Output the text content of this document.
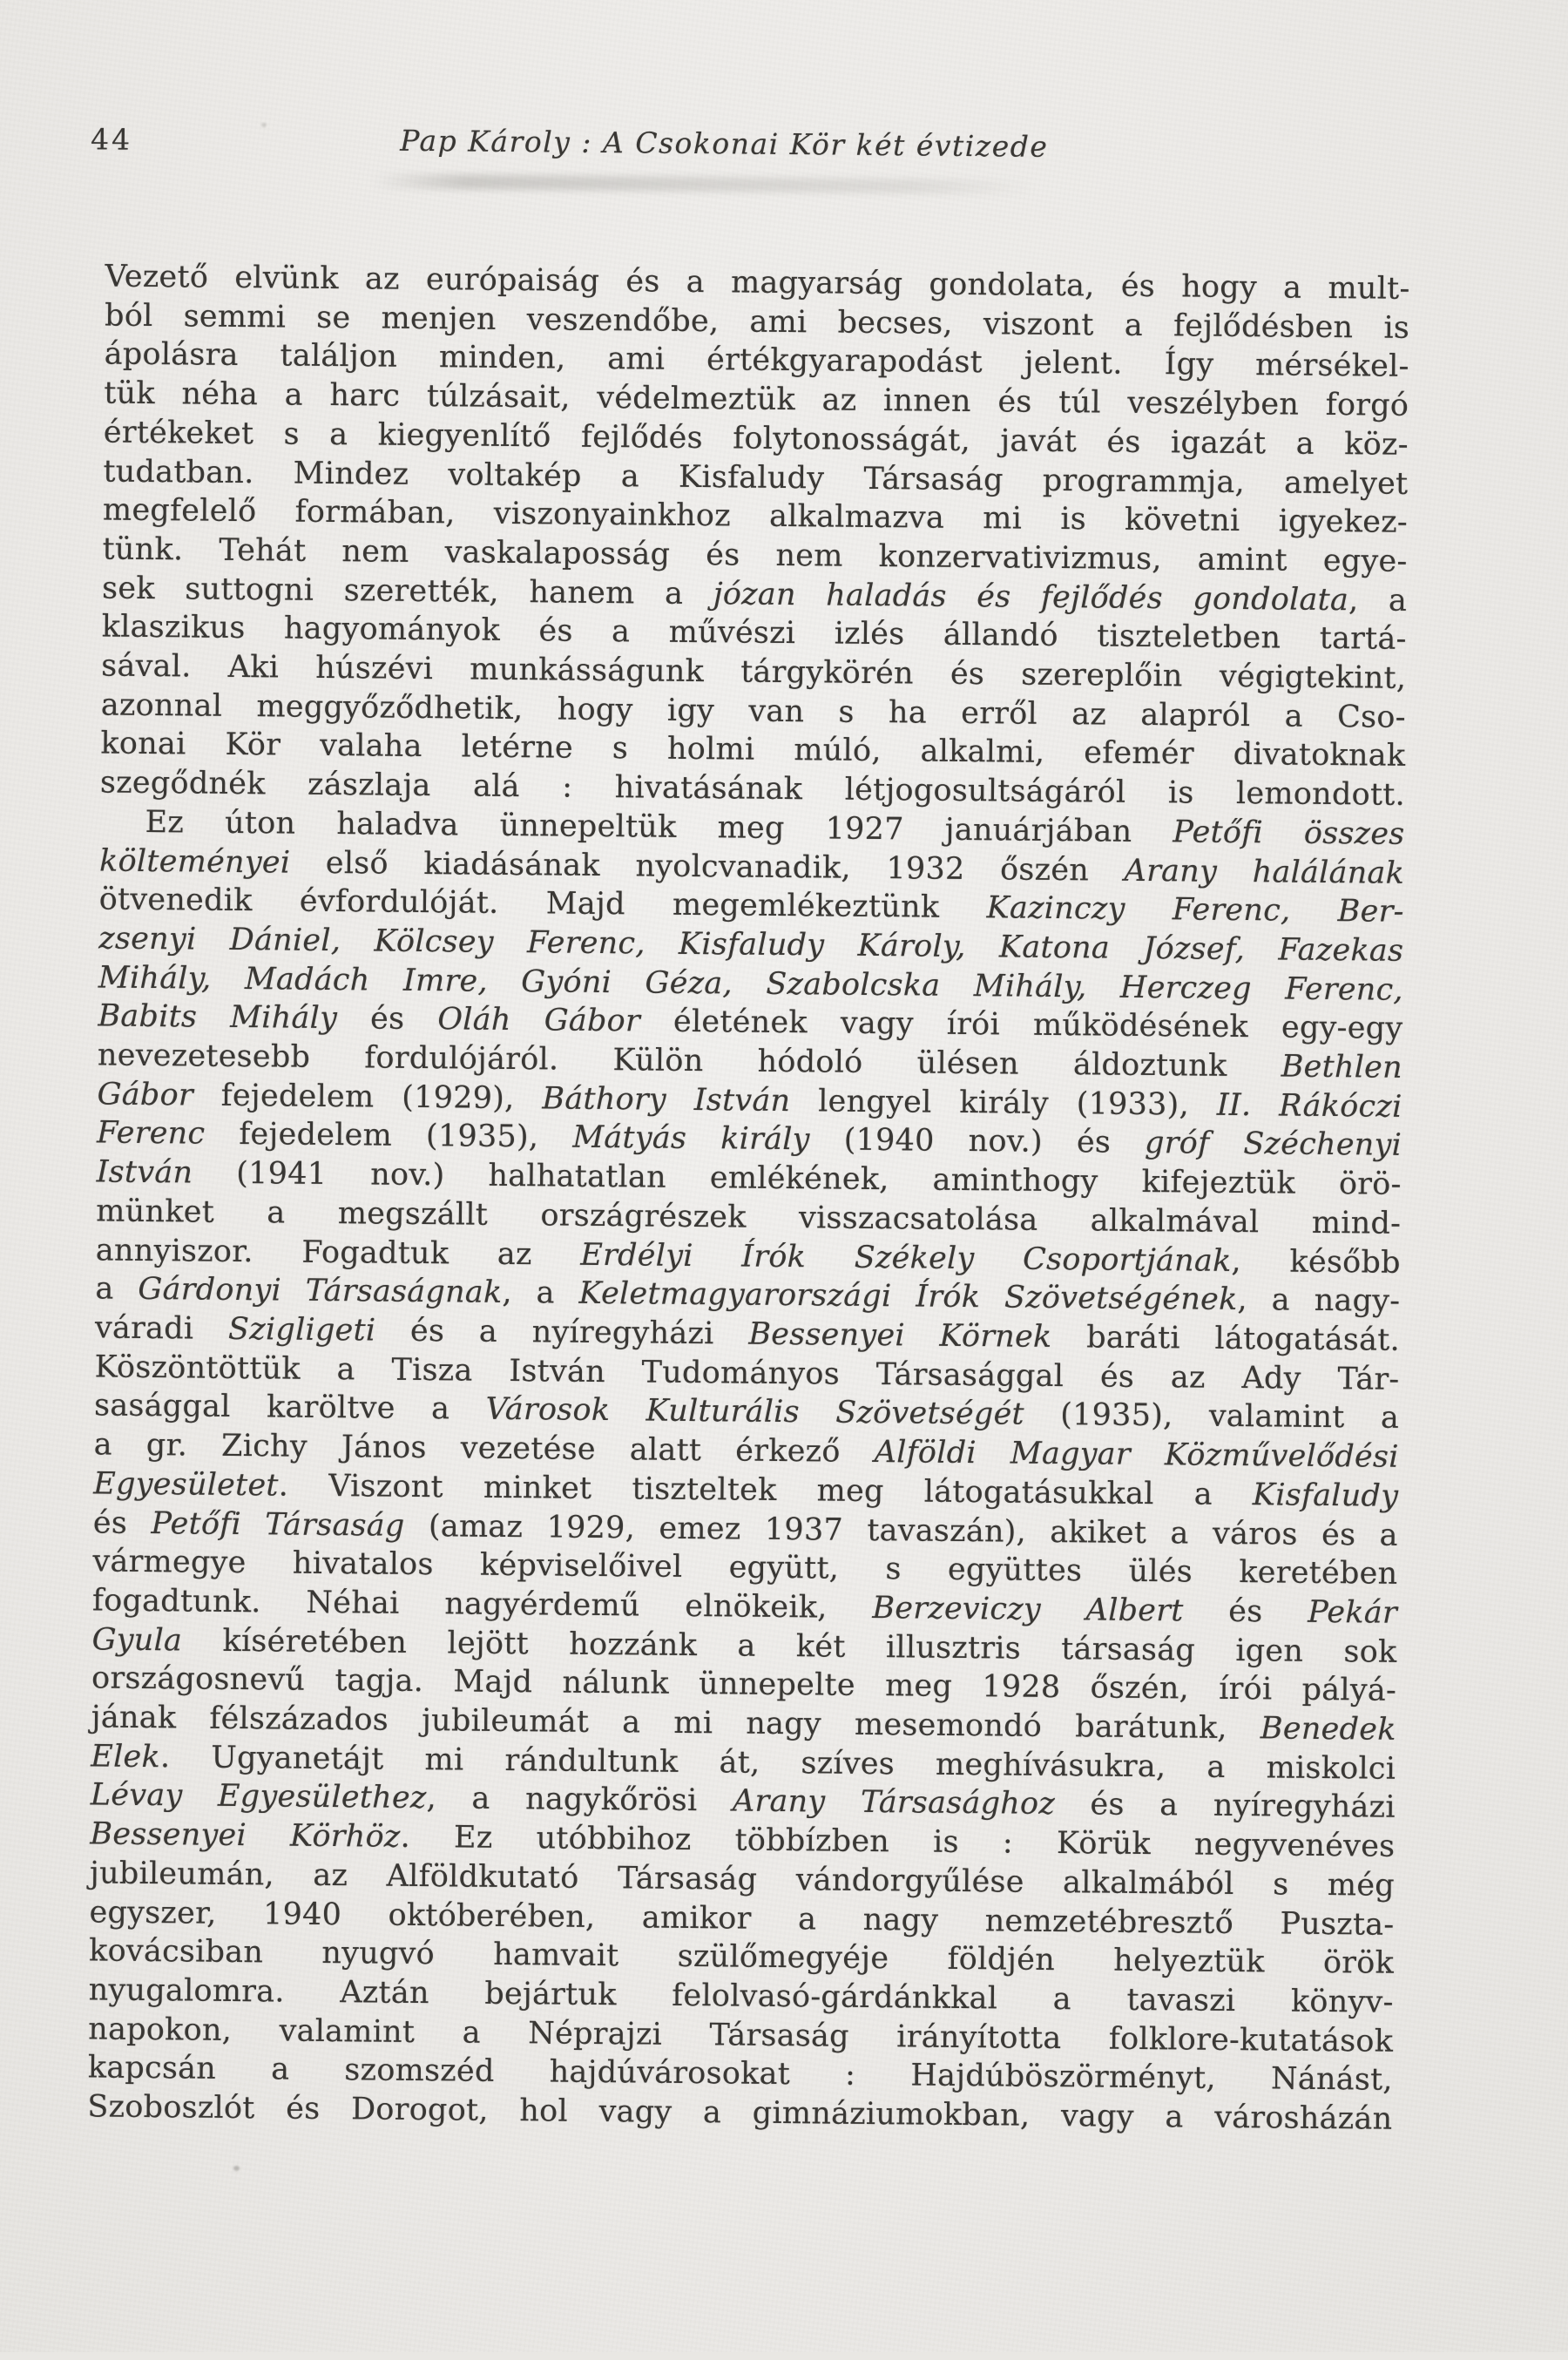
44	Pap Károly : A Csokonai Kör két évtizede
Vezető elvünk az európaiság és a magyarság gondolata, és hogy a mult-
ból semmi se menjen veszendőbe, ami becses, viszont a fejlődésben is
ápolásra találjon minden, ami értékgyarapodást jelent. Így mérsékel-
tük néha a harc túlzásait, védelmeztük az innen és túl veszélyben forgó
értékeket s a kiegyenlítő fejlődés folytonosságát, javát és igazát a köz-
tudatban. Mindez voltakép a Kisfaludy Társaság programmja, amelyet
megfelelő formában, viszonyainkhoz alkalmazva mi is követni igyekez-
tünk. Tehát nem vaskalaposság és nem konzervativizmus, amint egye-
sek suttogni szerették, hanem a józan haladás és fejlődés gondolata, a
klaszikus hagyományok és a művészi izlés állandó tiszteletben tartá-
sával. Aki húszévi munkásságunk tárgykörén és szereplőin végigtekint,
azonnal meggyőződhetik, hogy igy van s ha erről az alapról a Cso-
konai Kör valaha letérne s holmi múló, alkalmi, efemér divatoknak
szegődnék zászlaja alá : hivatásának létjogosultságáról is lemondott.
Ez úton haladva ünnepeltük meg 1927 januárjában Petőfi összes
költeményei első kiadásának nyolcvanadik, 1932 őszén Arany halálának
ötvenedik évfordulóját. Majd megemlékeztünk Kazinczy Ferenc, Ber-
zsenyi Dániel, Kölcsey Ferenc, Kisfaludy Károly, Katona József, Fazekas
Mihály, Madách Imre, Gyóni Géza, Szabolcska Mihály, Herczeg Ferenc,
Babits Mihály és Oláh Gábor életének vagy írói működésének egy-egy
nevezetesebb fordulójáról. Külön hódoló ülésen áldoztunk Bethlen
Gábor fejedelem (1929), Báthory István lengyel király (1933), II. Rákóczi
Ferenc fejedelem (1935), Mátyás király (1940 nov.) és gróf Széchenyi
István (1941 nov.) halhatatlan emlékének, aminthogy kifejeztük örö-
münket a megszállt országrészek visszacsatolása alkalmával mind-
annyiszor. Fogadtuk az Erdélyi Írók Székely Csoportjának, később
a Gárdonyi Társaságnak, a Keletmagyarországi Írók Szövetségének, a nagy-
váradi Szigligeti és a nyíregyházi Bessenyei Körnek baráti látogatását.
Köszöntöttük a Tisza István Tudományos Társasággal és az Ady Tár-
sasággal karöltve a Városok Kulturális Szövetségét (1935), valamint a
a gr. Zichy János vezetése alatt érkező Alföldi Magyar Közművelődési
Egyesületet. Viszont minket tiszteltek meg látogatásukkal a Kisfaludy
és Petőfi Társaság (amaz 1929, emez 1937 tavaszán), akiket a város és a
vármegye hivatalos képviselőivel együtt, s együttes ülés keretében
fogadtunk. Néhai nagyérdemű elnökeik, Berzeviczy Albert és Pekár
Gyula kíséretében lejött hozzánk a két illusztris társaság igen sok
országosnevű tagja. Majd nálunk ünnepelte meg 1928 őszén, írói pályá-
jának félszázados jubileumát a mi nagy mesemondó barátunk, Benedek
Elek. Ugyanetájt mi rándultunk át, szíves meghívásukra, a miskolci
Lévay Egyesülethez, a nagykőrösi Arany Társasághoz és a nyíregyházi
Bessenyei Körhöz. Ez utóbbihoz többízben is : Körük negyvenéves
jubileumán, az Alföldkutató Társaság vándorgyűlése alkalmából s még
egyszer, 1940 októberében, amikor a nagy nemzetébresztő Puszta-
kovácsiban nyugvó hamvait szülőmegyéje földjén helyeztük örök
nyugalomra. Aztán bejártuk felolvasó-gárdánkkal a tavaszi könyv-
napokon, valamint a Néprajzi Társaság irányította folklore-kutatások
kapcsán a szomszéd hajdúvárosokat : Hajdúböszörményt, Nánást,
Szoboszlót és Dorogot, hol vagy a gimnáziumokban, vagy a városházán
